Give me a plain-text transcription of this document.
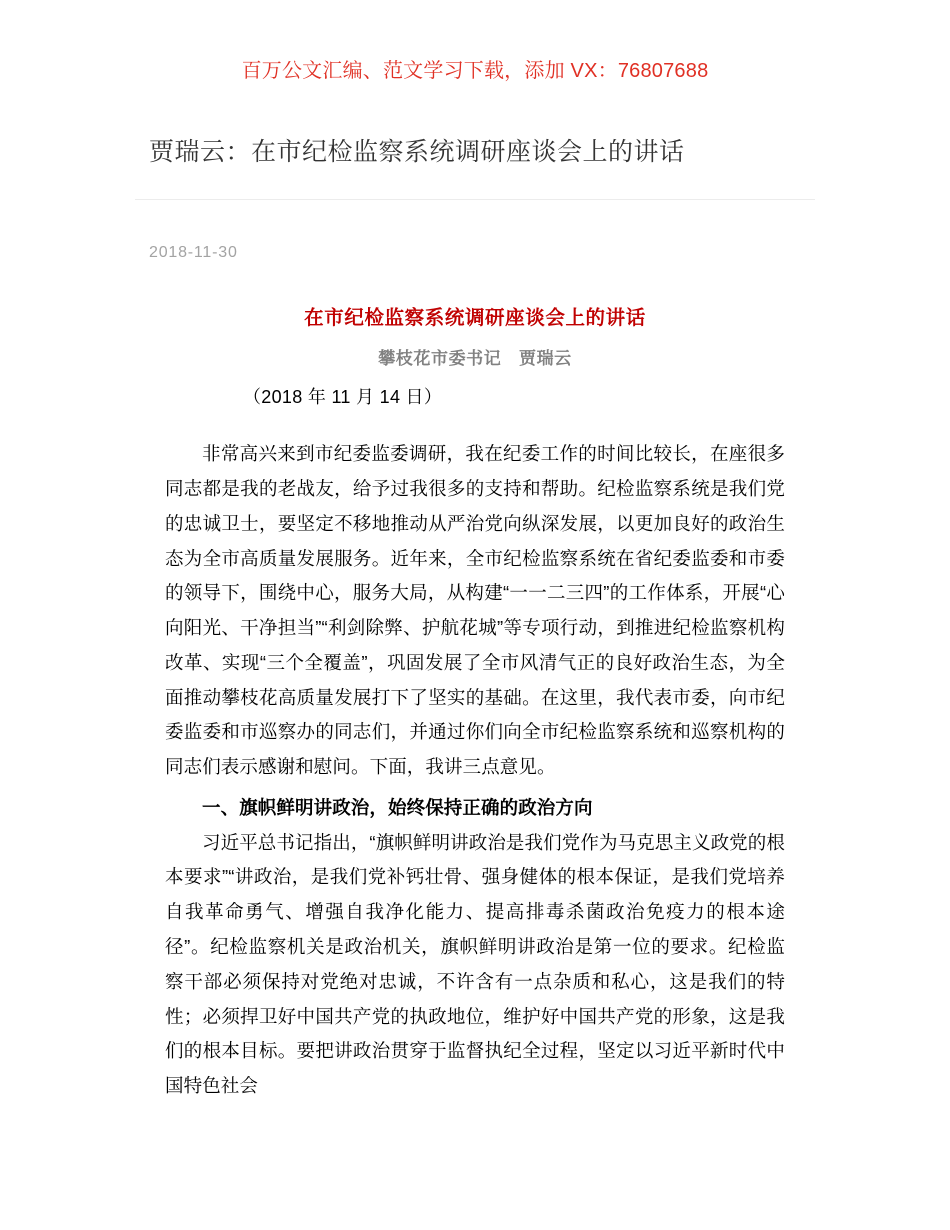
百万公文汇编、范文学习下载，添加 VX：76807688
贾瑞云：在市纪检监察系统调研座谈会上的讲话
2018-11-30
在市纪检监察系统调研座谈会上的讲话
攀枝花市委书记　贾瑞云
（2018 年 11 月 14 日）

非常高兴来到市纪委监委调研，我在纪委工作的时间比较长，在座很多同志都是我的老战友，给予过我很多的支持和帮助。纪检监察系统是我们党的忠诚卫士，要坚定不移地推动从严治党向纵深发展，以更加良好的政治生态为全市高质量发展服务。近年来，全市纪检监察系统在省纪委监委和市委的领导下，围绕中心，服务大局，从构建“一一二三四”的工作体系，开展“心向阳光、干净担当”“利剑除弊、护航花城”等专项行动，到推进纪检监察机构改革、实现“三个全覆盖”，巩固发展了全市风清气正的良好政治生态，为全面推动攀枝花高质量发展打下了坚实的基础。在这里，我代表市委，向市纪委监委和市巡察办的同志们，并通过你们向全市纪检监察系统和巡察机构的同志们表示感谢和慰问。下面，我讲三点意见。

一、旗帜鲜明讲政治，始终保持正确的政治方向

习近平总书记指出，“旗帜鲜明讲政治是我们党作为马克思主义政党的根本要求”“讲政治，是我们党补钙壮骨、强身健体的根本保证，是我们党培养自我革命勇气、增强自我净化能力、提高排毒杀菌政治免疫力的根本途径”。纪检监察机关是政治机关，旗帜鲜明讲政治是第一位的要求。纪检监察干部必须保持对党绝对忠诚，不许含有一点杂质和私心，这是我们的特性；必须捍卫好中国共产党的执政地位，维护好中国共产党的形象，这是我们的根本目标。要把讲政治贯穿于监督执纪全过程，坚定以习近平新时代中国特色社会
